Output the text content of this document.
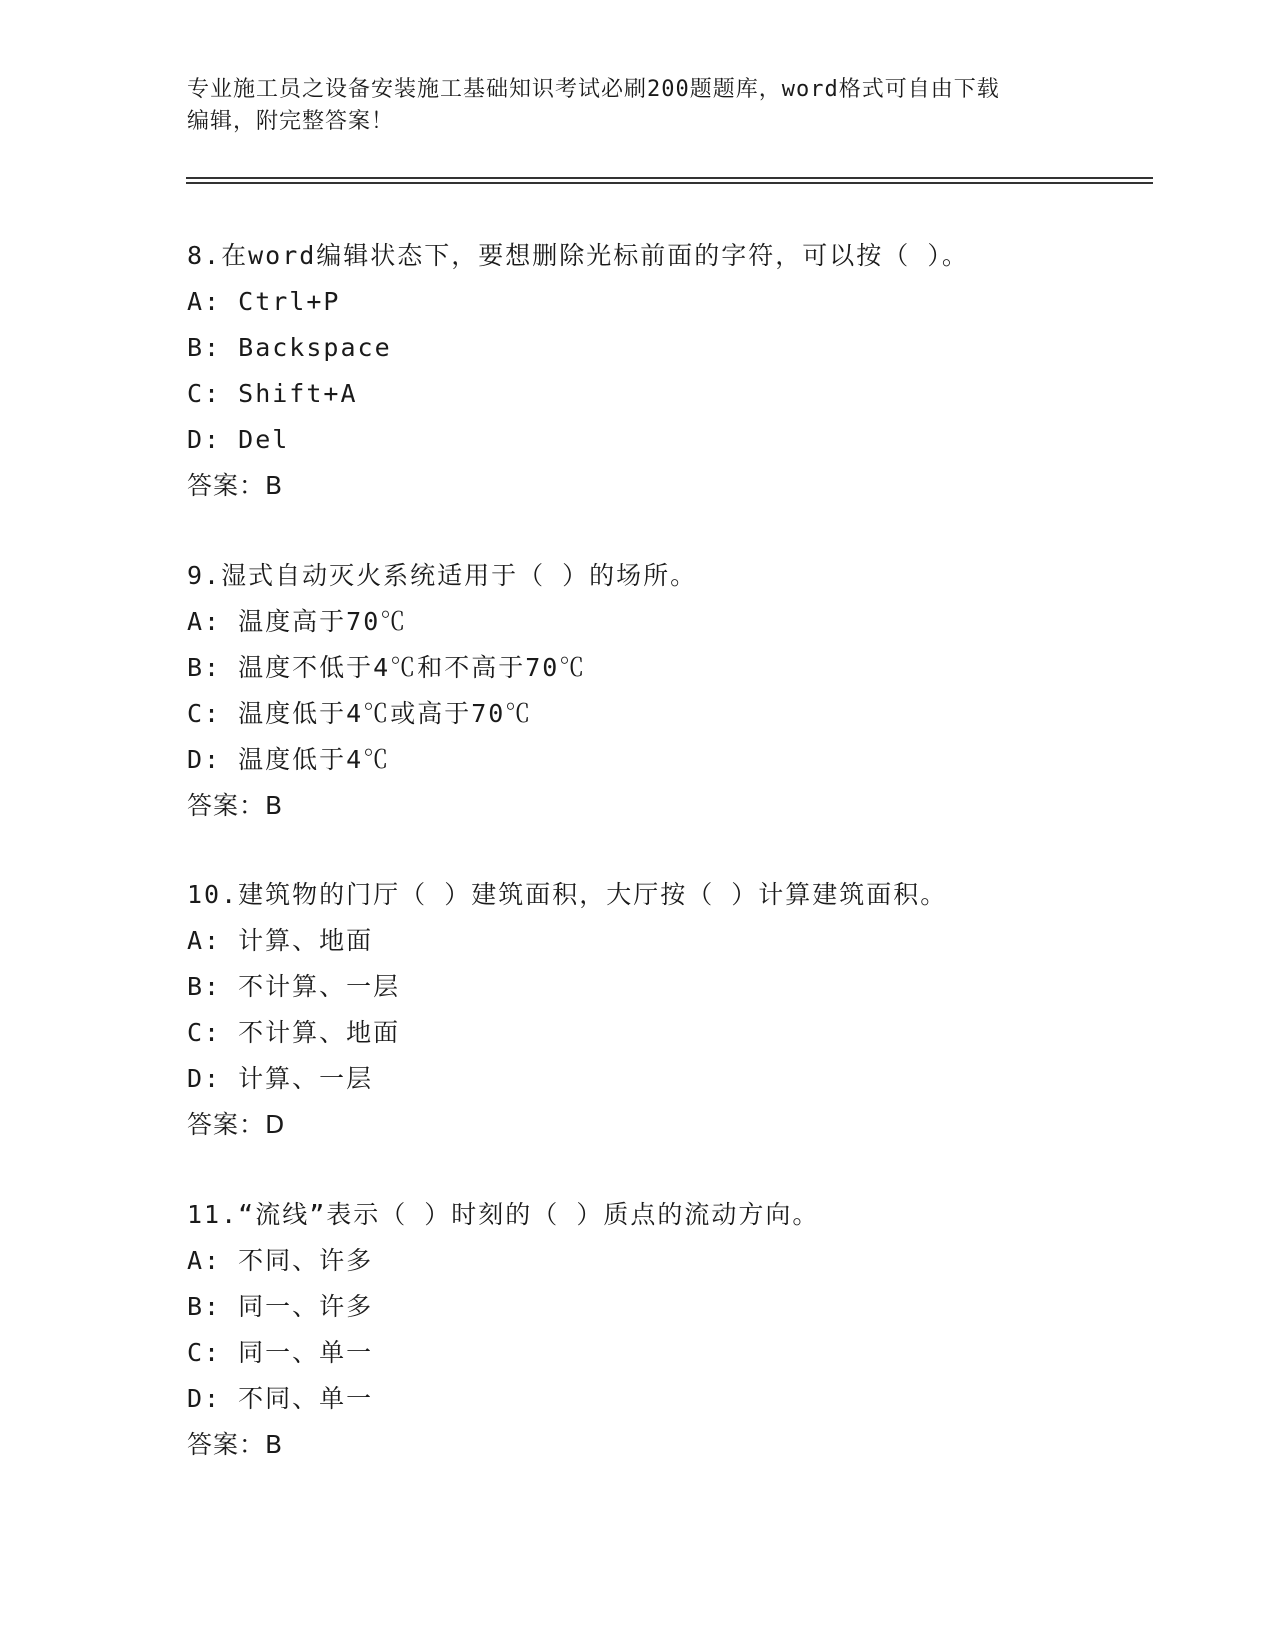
专业施工员之设备安装施工基础知识考试必刷200题题库，word格式可自由下载
编辑，附完整答案！
8.在word编辑状态下，要想删除光标前面的字符，可以按（ ）。
A: Ctrl+P
B: Backspace
C: Shift+A
D: Del
答案：B
9.湿式自动灭火系统适用于（ ）的场所。
A: 温度高于70℃
B: 温度不低于4℃和不高于70℃
C: 温度低于4℃或高于70℃
D: 温度低于4℃
答案：B
10.建筑物的门厅（ ）建筑面积，大厅按（ ）计算建筑面积。
A: 计算、地面
B: 不计算、一层
C: 不计算、地面
D: 计算、一层
答案：D
11.“流线”表示（ ）时刻的（ ）质点的流动方向。
A: 不同、许多
B: 同一、许多
C: 同一、单一
D: 不同、单一
答案：B
